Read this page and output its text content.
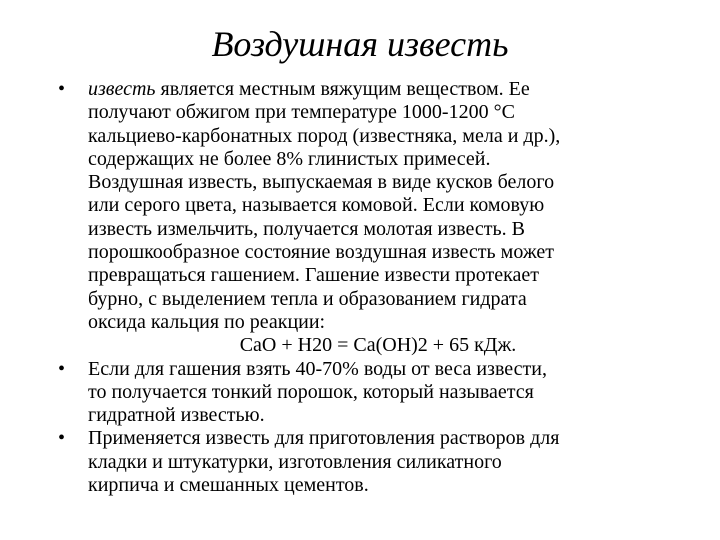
Воздушная известь
•	известь является местным вяжущим веществом. Ее
получают обжигом при температуре 1000-1200 °С
кальциево-карбонатных пород (известняка, мела и др.),
содержащих не более 8% глинистых примесей.
Воздушная известь, выпускаемая в виде кусков белого
или серого цвета, называется комовой. Если комовую
известь измельчить, получается молотая известь. В
порошкообразное состояние воздушная известь может
превращаться гашением. Гашение извести протекает
бурно, с выделением тепла и образованием гидрата
оксида кальция по реакции:
CaO + H20 = Ca(OH)2 + 65 кДж.
•	Если для гашения взять 40-70% воды от веса извести,
то получается тонкий порошок, который называется
гидратной известью.
•	Применяется известь для приготовления растворов для
кладки и штукатурки, изготовления силикатного
кирпича и смешанных цементов.
